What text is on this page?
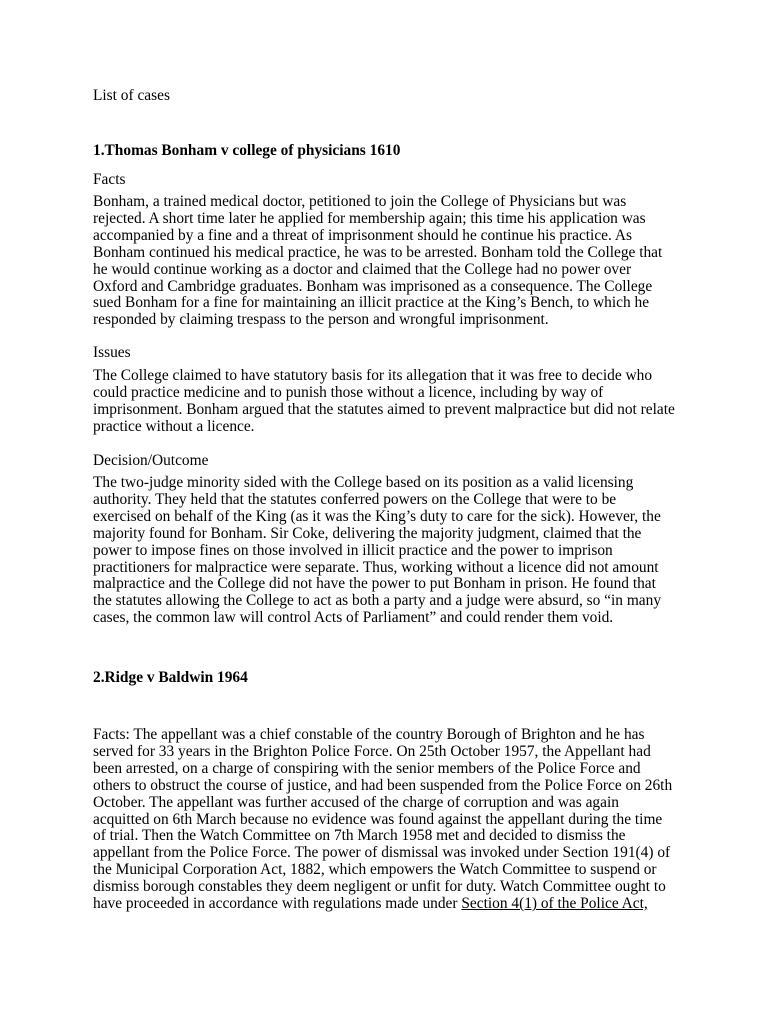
List of cases

1.Thomas Bonham v college of physicians 1610

Facts

Bonham, a trained medical doctor, petitioned to join the College of Physicians but was rejected. A short time later he applied for membership again; this time his application was accompanied by a fine and a threat of imprisonment should he continue his practice. As Bonham continued his medical practice, he was to be arrested. Bonham told the College that he would continue working as a doctor and claimed that the College had no power over Oxford and Cambridge graduates. Bonham was imprisoned as a consequence. The College sued Bonham for a fine for maintaining an illicit practice at the King’s Bench, to which he responded by claiming trespass to the person and wrongful imprisonment.

Issues

The College claimed to have statutory basis for its allegation that it was free to decide who could practice medicine and to punish those without a licence, including by way of imprisonment. Bonham argued that the statutes aimed to prevent malpractice but did not relate practice without a licence.

Decision/Outcome

The two-judge minority sided with the College based on its position as a valid licensing authority. They held that the statutes conferred powers on the College that were to be exercised on behalf of the King (as it was the King’s duty to care for the sick). However, the majority found for Bonham. Sir Coke, delivering the majority judgment, claimed that the power to impose fines on those involved in illicit practice and the power to imprison practitioners for malpractice were separate. Thus, working without a licence did not amount malpractice and the College did not have the power to put Bonham in prison. He found that the statutes allowing the College to act as both a party and a judge were absurd, so “in many cases, the common law will control Acts of Parliament” and could render them void.

2.Ridge v Baldwin 1964

Facts: The appellant was a chief constable of the country Borough of Brighton and he has served for 33 years in the Brighton Police Force. On 25th October 1957, the Appellant had been arrested, on a charge of conspiring with the senior members of the Police Force and others to obstruct the course of justice, and had been suspended from the Police Force on 26th October. The appellant was further accused of the charge of corruption and was again acquitted on 6th March because no evidence was found against the appellant during the time of trial. Then the Watch Committee on 7th March 1958 met and decided to dismiss the appellant from the Police Force. The power of dismissal was invoked under Section 191(4) of the Municipal Corporation Act, 1882, which empowers the Watch Committee to suspend or dismiss borough constables they deem negligent or unfit for duty. Watch Committee ought to have proceeded in accordance with regulations made under Section 4(1) of the Police Act,
